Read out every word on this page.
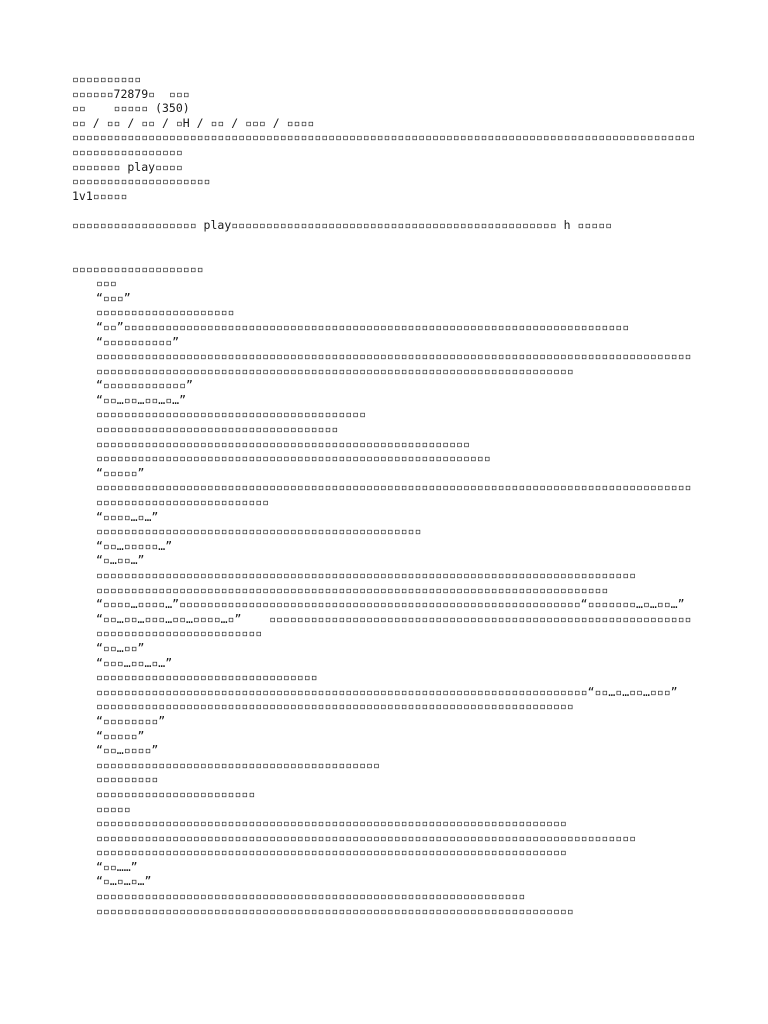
▫▫▫▫▫▫▫▫▫▫
▫▫▫▫▫▫72879▫  ▫▫▫
▫▫    ▫▫▫▫▫ (350)
▫▫ / ▫▫ / ▫▫ / ▫H / ▫▫ / ▫▫▫ / ▫▫▫▫
▫▫▫▫▫▫▫▫▫▫▫▫▫▫▫▫▫▫▫▫▫▫▫▫▫▫▫▫▫▫▫▫▫▫▫▫▫▫▫▫▫▫▫▫▫▫▫▫▫▫▫▫▫▫▫▫▫▫▫▫▫▫▫▫▫▫▫▫▫▫▫▫▫▫▫▫▫▫▫▫▫▫▫▫▫▫▫▫▫▫▫▫▫▫▫▫▫▫▫▫▫▫▫▫▫▫
▫▫▫▫▫▫▫ play▫▫▫▫
▫▫▫▫▫▫▫▫▫▫▫▫▫▫▫▫▫▫▫▫
1v1▫▫▫▫▫
▫▫▫▫▫▫▫▫▫▫▫▫▫▫▫▫▫▫ play▫▫▫▫▫▫▫▫▫▫▫▫▫▫▫▫▫▫▫▫▫▫▫▫▫▫▫▫▫▫▫▫▫▫▫▫▫▫▫▫▫▫▫▫▫▫▫ h ▫▫▫▫▫
▫▫▫▫▫▫▫▫▫▫▫▫▫▫▫▫▫▫▫
▫▫▫
“▫▫▫”
▫▫▫▫▫▫▫▫▫▫▫▫▫▫▫▫▫▫▫▫
“▫▫”▫▫▫▫▫▫▫▫▫▫▫▫▫▫▫▫▫▫▫▫▫▫▫▫▫▫▫▫▫▫▫▫▫▫▫▫▫▫▫▫▫▫▫▫▫▫▫▫▫▫▫▫▫▫▫▫▫▫▫▫▫▫▫▫▫▫▫▫▫▫▫▫▫
“▫▫▫▫▫▫▫▫▫▫”
▫▫▫▫▫▫▫▫▫▫▫▫▫▫▫▫▫▫▫▫▫▫▫▫▫▫▫▫▫▫▫▫▫▫▫▫▫▫▫▫▫▫▫▫▫▫▫▫▫▫▫▫▫▫▫▫▫▫▫▫▫▫▫▫▫▫▫▫▫▫▫▫▫▫▫▫▫▫▫▫▫▫▫▫▫▫▫▫▫▫▫▫▫▫▫▫▫▫▫▫▫▫▫▫▫▫▫▫▫▫▫▫▫▫▫▫▫▫▫▫▫▫▫▫▫▫▫▫▫▫▫▫▫▫▫▫▫▫▫▫▫▫▫▫▫▫▫▫▫▫▫▫▫▫▫
“▫▫▫▫▫▫▫▫▫▫▫▫”
“▫▫…▫▫…▫▫…▫…”
▫▫▫▫▫▫▫▫▫▫▫▫▫▫▫▫▫▫▫▫▫▫▫▫▫▫▫▫▫▫▫▫▫▫▫▫▫▫▫
▫▫▫▫▫▫▫▫▫▫▫▫▫▫▫▫▫▫▫▫▫▫▫▫▫▫▫▫▫▫▫▫▫▫▫
▫▫▫▫▫▫▫▫▫▫▫▫▫▫▫▫▫▫▫▫▫▫▫▫▫▫▫▫▫▫▫▫▫▫▫▫▫▫▫▫▫▫▫▫▫▫▫▫▫▫▫▫▫▫
▫▫▫▫▫▫▫▫▫▫▫▫▫▫▫▫▫▫▫▫▫▫▫▫▫▫▫▫▫▫▫▫▫▫▫▫▫▫▫▫▫▫▫▫▫▫▫▫▫▫▫▫▫▫▫▫▫
“▫▫▫▫▫”
▫▫▫▫▫▫▫▫▫▫▫▫▫▫▫▫▫▫▫▫▫▫▫▫▫▫▫▫▫▫▫▫▫▫▫▫▫▫▫▫▫▫▫▫▫▫▫▫▫▫▫▫▫▫▫▫▫▫▫▫▫▫▫▫▫▫▫▫▫▫▫▫▫▫▫▫▫▫▫▫▫▫▫▫▫▫▫▫▫▫▫▫▫▫▫▫▫▫▫▫▫▫▫▫▫▫▫▫▫▫▫
“▫▫▫▫…▫…”
▫▫▫▫▫▫▫▫▫▫▫▫▫▫▫▫▫▫▫▫▫▫▫▫▫▫▫▫▫▫▫▫▫▫▫▫▫▫▫▫▫▫▫▫▫▫▫
“▫▫…▫▫▫▫▫…”
“▫…▫▫…”
▫▫▫▫▫▫▫▫▫▫▫▫▫▫▫▫▫▫▫▫▫▫▫▫▫▫▫▫▫▫▫▫▫▫▫▫▫▫▫▫▫▫▫▫▫▫▫▫▫▫▫▫▫▫▫▫▫▫▫▫▫▫▫▫▫▫▫▫▫▫▫▫▫▫▫▫▫▫
▫▫▫▫▫▫▫▫▫▫▫▫▫▫▫▫▫▫▫▫▫▫▫▫▫▫▫▫▫▫▫▫▫▫▫▫▫▫▫▫▫▫▫▫▫▫▫▫▫▫▫▫▫▫▫▫▫▫▫▫▫▫▫▫▫▫▫▫▫▫▫▫▫▫
“▫▫▫▫…▫▫▫▫…”▫▫▫▫▫▫▫▫▫▫▫▫▫▫▫▫▫▫▫▫▫▫▫▫▫▫▫▫▫▫▫▫▫▫▫▫▫▫▫▫▫▫▫▫▫▫▫▫▫▫▫▫▫▫▫▫▫▫“▫▫▫▫▫▫▫…▫…▫▫…”
“▫▫…▫▫…▫▫▫…▫▫…▫▫▫▫…▫”    ▫▫▫▫▫▫▫▫▫▫▫▫▫▫▫▫▫▫▫▫▫▫▫▫▫▫▫▫▫▫▫▫▫▫▫▫▫▫▫▫▫▫▫▫▫▫▫▫▫▫▫▫▫▫▫▫▫▫▫▫▫▫▫▫▫▫▫▫▫▫▫▫▫▫▫▫▫▫▫▫▫▫▫▫▫
“▫▫…▫▫”
“▫▫▫…▫▫…▫…”
▫▫▫▫▫▫▫▫▫▫▫▫▫▫▫▫▫▫▫▫▫▫▫▫▫▫▫▫▫▫▫▫
▫▫▫▫▫▫▫▫▫▫▫▫▫▫▫▫▫▫▫▫▫▫▫▫▫▫▫▫▫▫▫▫▫▫▫▫▫▫▫▫▫▫▫▫▫▫▫▫▫▫▫▫▫▫▫▫▫▫▫▫▫▫▫▫▫▫▫▫▫▫▫“▫▫…▫…▫▫…▫▫▫”
▫▫▫▫▫▫▫▫▫▫▫▫▫▫▫▫▫▫▫▫▫▫▫▫▫▫▫▫▫▫▫▫▫▫▫▫▫▫▫▫▫▫▫▫▫▫▫▫▫▫▫▫▫▫▫▫▫▫▫▫▫▫▫▫▫▫▫▫▫
“▫▫▫▫▫▫▫▫”
“▫▫▫▫▫”
“▫▫…▫▫▫▫”
▫▫▫▫▫▫▫▫▫▫▫▫▫▫▫▫▫▫▫▫▫▫▫▫▫▫▫▫▫▫▫▫▫▫▫▫▫▫▫▫▫
▫▫▫▫▫▫▫▫▫
▫▫▫▫▫▫▫▫▫▫▫▫▫▫▫▫▫▫▫▫▫▫▫
▫▫▫▫▫
▫▫▫▫▫▫▫▫▫▫▫▫▫▫▫▫▫▫▫▫▫▫▫▫▫▫▫▫▫▫▫▫▫▫▫▫▫▫▫▫▫▫▫▫▫▫▫▫▫▫▫▫▫▫▫▫▫▫▫▫▫▫▫▫▫▫▫▫
▫▫▫▫▫▫▫▫▫▫▫▫▫▫▫▫▫▫▫▫▫▫▫▫▫▫▫▫▫▫▫▫▫▫▫▫▫▫▫▫▫▫▫▫▫▫▫▫▫▫▫▫▫▫▫▫▫▫▫▫▫▫▫▫▫▫▫▫▫▫▫▫▫▫▫▫▫▫
▫▫▫▫▫▫▫▫▫▫▫▫▫▫▫▫▫▫▫▫▫▫▫▫▫▫▫▫▫▫▫▫▫▫▫▫▫▫▫▫▫▫▫▫▫▫▫▫▫▫▫▫▫▫▫▫▫▫▫▫▫▫▫▫▫▫▫▫
“▫▫……”
“▫…▫…▫…”
▫▫▫▫▫▫▫▫▫▫▫▫▫▫▫▫▫▫▫▫▫▫▫▫▫▫▫▫▫▫▫▫▫▫▫▫▫▫▫▫▫▫▫▫▫▫▫▫▫▫▫▫▫▫▫▫▫▫▫▫▫▫
▫▫▫▫▫▫▫▫▫▫▫▫▫▫▫▫▫▫▫▫▫▫▫▫▫▫▫▫▫▫▫▫▫▫▫▫▫▫▫▫▫▫▫▫▫▫▫▫▫▫▫▫▫▫▫▫▫▫▫▫▫▫▫▫▫▫▫▫▫
